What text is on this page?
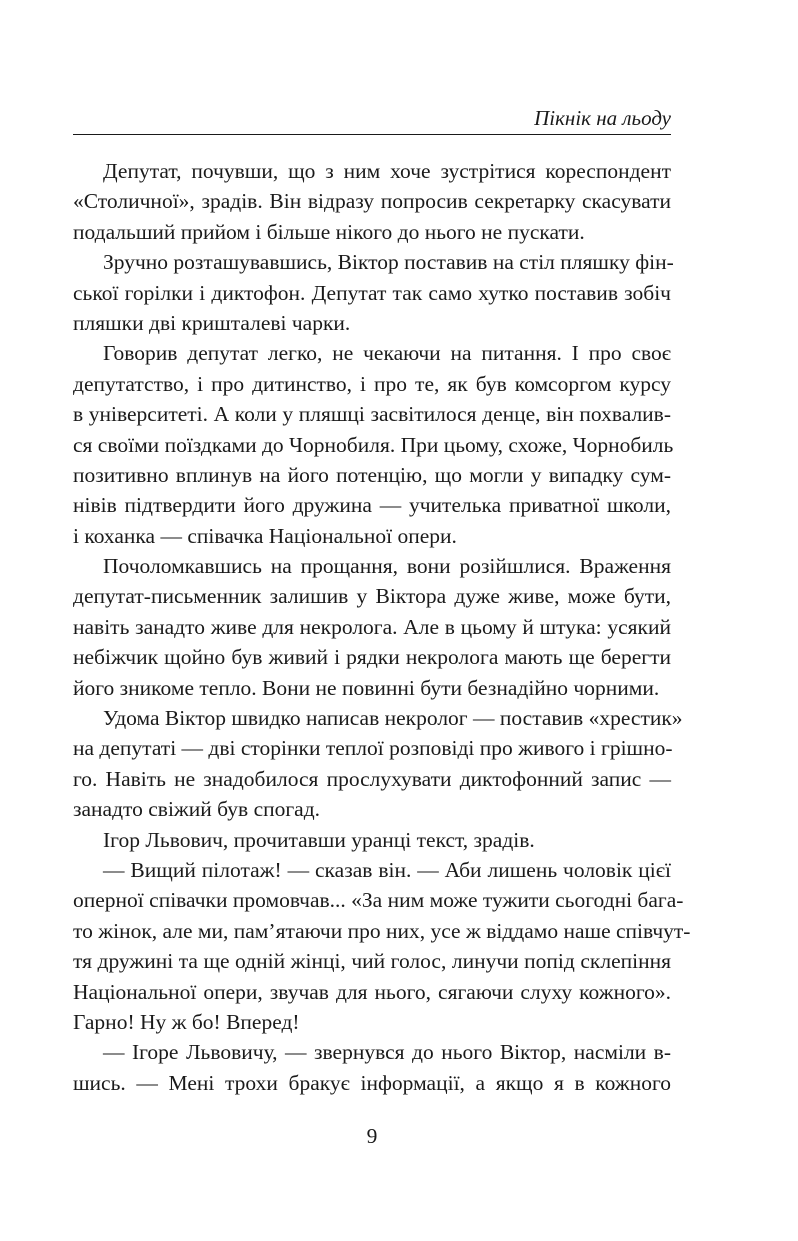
Пікнік на льоду
Депутат, почувши, що з ним хоче зустрітися кореспондент
«Столичної», зрадів. Він відразу попросив секретарку скасувати
подальший прийом і більше нікого до нього не пускати.
Зручно розташувавшись, Віктор поставив на стіл пляшку фін-
ської горілки і диктофон. Депутат так само хутко поставив зобіч
пляшки дві кришталеві чарки.
Говорив депутат легко, не чекаючи на питання. І про своє
депутатство, і про дитинство, і про те, як був комсоргом курсу
в університеті. А коли у пляшці засвітилося денце, він похвалив-
ся своїми поїздками до Чорнобиля. При цьому, схоже, Чорнобиль
позитивно вплинув на його потенцію, що могли у випадку сум-
нівів підтвердити його дружина — учителька приватної школи,
і коханка — співачка Національної опери.
Почоломкавшись на прощання, вони розійшлися. Враження
депутат-письменник залишив у Віктора дуже живе, може бути,
навіть занадто живе для некролога. Але в цьому й штука: усякий
небіжчик щойно був живий і рядки некролога мають ще берегти
його зникоме тепло. Вони не повинні бути безнадійно чорними.
Удома Віктор швидко написав некролог — поставив «хрестик»
на депутаті — дві сторінки теплої розповіді про живого і грішно-
го. Навіть не знадобилося прослухувати диктофонний запис —
занадто свіжий був спогад.
Ігор Львович, прочитавши уранці текст, зрадів.
— Вищий пілотаж! — сказав він. — Аби лишень чоловік цієї
оперної співачки промовчав... «За ним може тужити сьогодні бага-
то жінок, але ми, пам’ятаючи про них, усе ж віддамо наше співчут-
тя дружині та ще одній жінці, чий голос, линучи попід склепіння
Національної опери, звучав для нього, сягаючи слуху кожного».
Гарно! Ну ж бо! Вперед!
— Ігоре Львовичу, — звернувся до нього Віктор, насміли в-
шись. — Мені трохи бракує інформації, а якщо я в кожного
9
